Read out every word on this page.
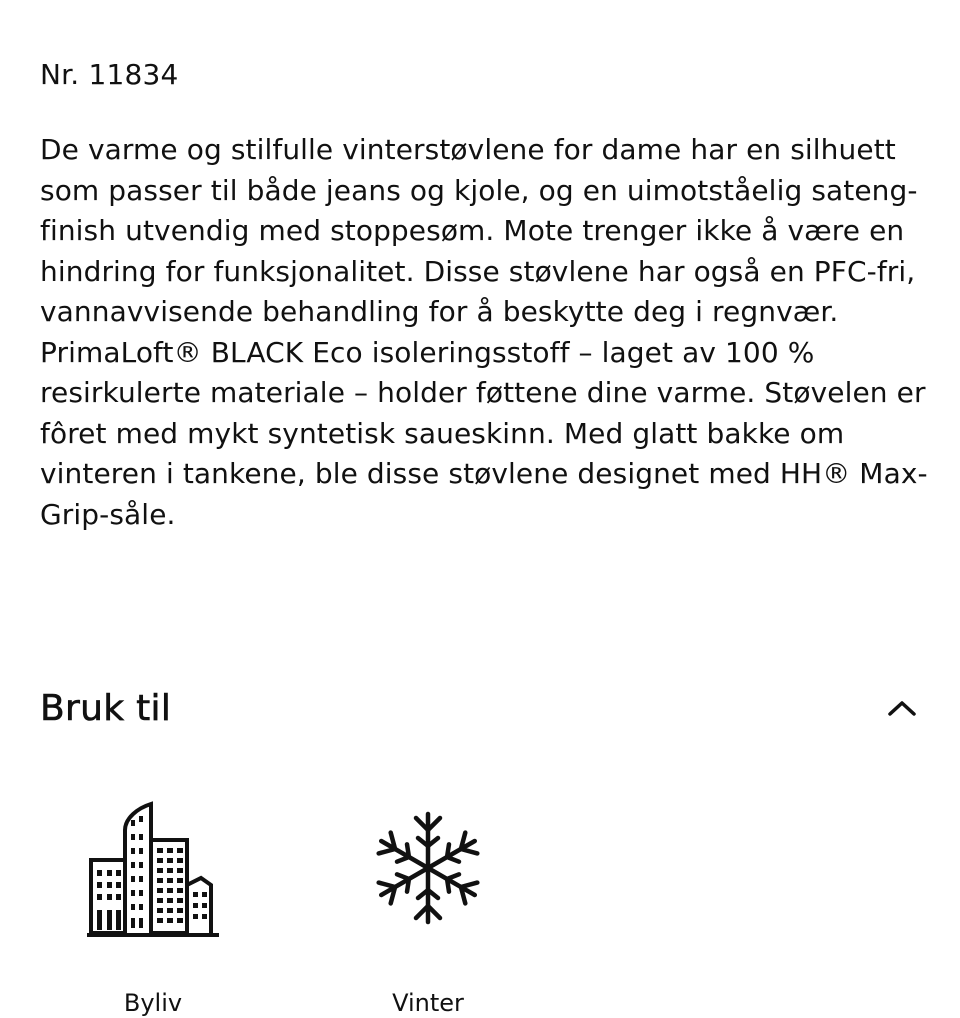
Nr. 11834

De varme og stilfulle vinterstøvlene for dame har en silhuett som passer til både jeans og kjole, og en uimotståelig sateng-finish utvendig med stoppesøm. Mote trenger ikke å være en hindring for funksjonalitet. Disse støvlene har også en PFC-fri, vannavvisende behandling for å beskytte deg i regnvær. PrimaLoft® BLACK Eco isoleringsstoff – laget av 100 % resirkulerte materiale – holder føttene dine varme. Støvelen er fôret med mykt syntetisk saueskinn. Med glatt bakke om vinteren i tankene, ble disse støvlene designet med HH® Max-Grip-såle.

Bruk til
Byliv	Vinter
